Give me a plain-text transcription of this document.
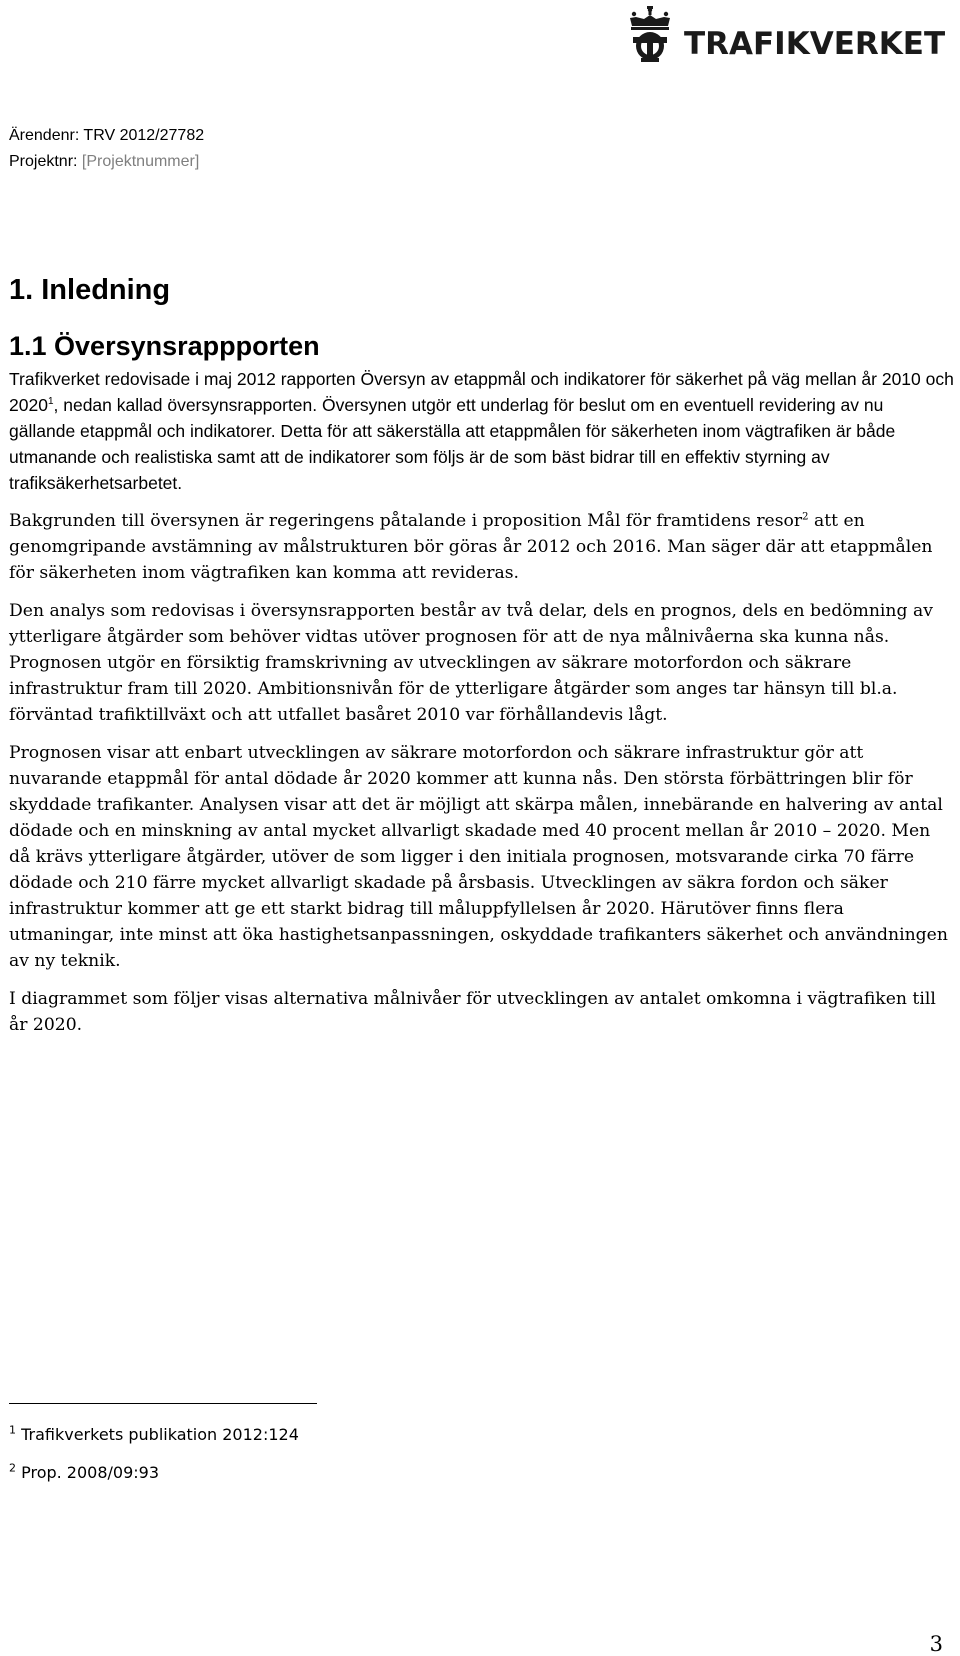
TRAFIKVERKET
Ärendenr: TRV 2012/27782
Projektnr: [Projektnummer]
1. Inledning
1.1 Översynsrappporten

Trafikverket redovisade i maj 2012 rapporten Översyn av etappmål och indikatorer för säkerhet på väg mellan år 2010 och 2020$^1$, nedan kallad översynsrapporten. Översynen utgör ett underlag för beslut om en eventuell revidering av nu gällande etappmål och indikatorer. Detta för att säkerställa att etappmålen för säkerheten inom vägtrafiken är både utmanande och realistiska samt att de indikatorer som följs är de som bäst bidrar till en effektiv styrning av trafiksäkerhetsarbetet.

Bakgrunden till översynen är regeringens påtalande i proposition Mål för framtidens resor$^2$ att en genomgripande avstämning av målstrukturen bör göras år 2012 och 2016. Man säger där att etappmålen för säkerheten inom vägtrafiken kan komma att revideras.

Den analys som redovisas i översynsrapporten består av två delar, dels en prognos, dels en bedömning av ytterligare åtgärder som behöver vidtas utöver prognosen för att de nya målnivåerna ska kunna nås. Prognosen utgör en försiktig framskrivning av utvecklingen av säkrare motorfordon och säkrare infrastruktur fram till 2020. Ambitionsnivån för de ytterligare åtgärder som anges tar hänsyn till bl.a. förväntad trafiktillväxt och att utfallet basåret 2010 var förhållandevis lågt.

Prognosen visar att enbart utvecklingen av säkrare motorfordon och säkrare infrastruktur gör att nuvarande etappmål för antal dödade år 2020 kommer att kunna nås. Den största förbättringen blir för skyddade trafikanter. Analysen visar att det är möjligt att skärpa målen, innebärande en halvering av antal dödade och en minskning av antal mycket allvarligt skadade med 40 procent mellan år 2010 – 2020. Men då krävs ytterligare åtgärder, utöver de som ligger i den initiala prognosen, motsvarande cirka 70 färre dödade och 210 färre mycket allvarligt skadade på årsbasis. Utvecklingen av säkra fordon och säker infrastruktur kommer att ge ett starkt bidrag till måluppfyllelsen år 2020. Härutöver finns flera utmaningar, inte minst att öka hastighetsanpassningen, oskyddade trafikanters säkerhet och användningen av ny teknik.

I diagrammet som följer visas alternativa målnivåer för utvecklingen av antalet omkomna i vägtrafiken till år 2020.

$^1$ Trafikverkets publikation 2012:124
$^2$ Prop. 2008/09:93
3
